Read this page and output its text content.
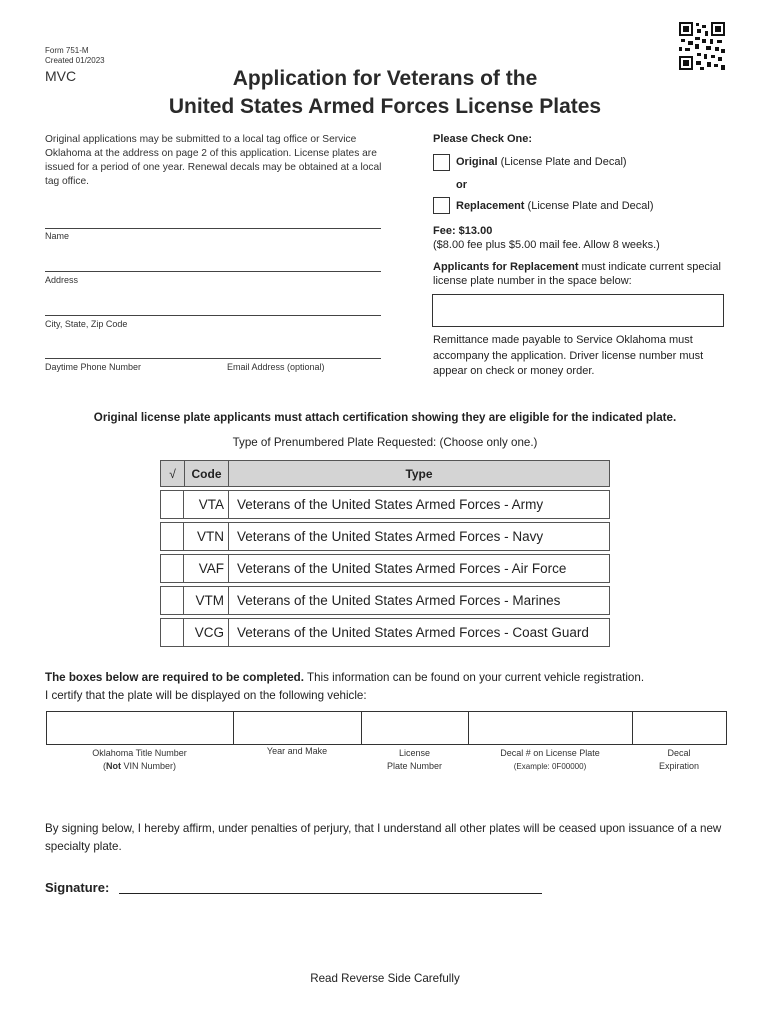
Form 751-M
Created 01/2023
MVC	Application for Veterans of the
United States Armed Forces License Plates
Original applications may be submitted to a local tag office or Service Oklahoma at the address on page 2 of this application. License plates are issued for a period of one year. Renewal decals may be obtained at a local tag office.
Name
Address
City, State, Zip Code
Daytime Phone Number	Email Address (optional)
Please Check One:
Original (License Plate and Decal)
or
Replacement (License Plate and Decal)
Fee: $13.00
($8.00 fee plus $5.00 mail fee. Allow 8 weeks.)
Applicants for Replacement must indicate current special license plate number in the space below:
Remittance made payable to Service Oklahoma must accompany the application. Driver license number must appear on check or money order.
Original license plate applicants must attach certification showing they are eligible for the indicated plate.
Type of Prenumbered Plate Requested: (Choose only one.)
√	Code	Type
VTA Veterans of the United States Armed Forces - Army
VTN Veterans of the United States Armed Forces - Navy
VAF Veterans of the United States Armed Forces - Air Force
VTM Veterans of the United States Armed Forces - Marines
VCG Veterans of the United States Armed Forces - Coast Guard
The boxes below are required to be completed. This information can be found on your current vehicle registration.
I certify that the plate will be displayed on the following vehicle:
Oklahoma Title Number
(Not VIN Number)
Year and Make	License
Plate Number
Decal # on License Plate
(Example: 0F00000)
Decal
Expiration
By signing below, I hereby affirm, under penalties of perjury, that I understand all other plates will be ceased upon issuance of a new specialty plate.
Signature:
Read Reverse Side Carefully
